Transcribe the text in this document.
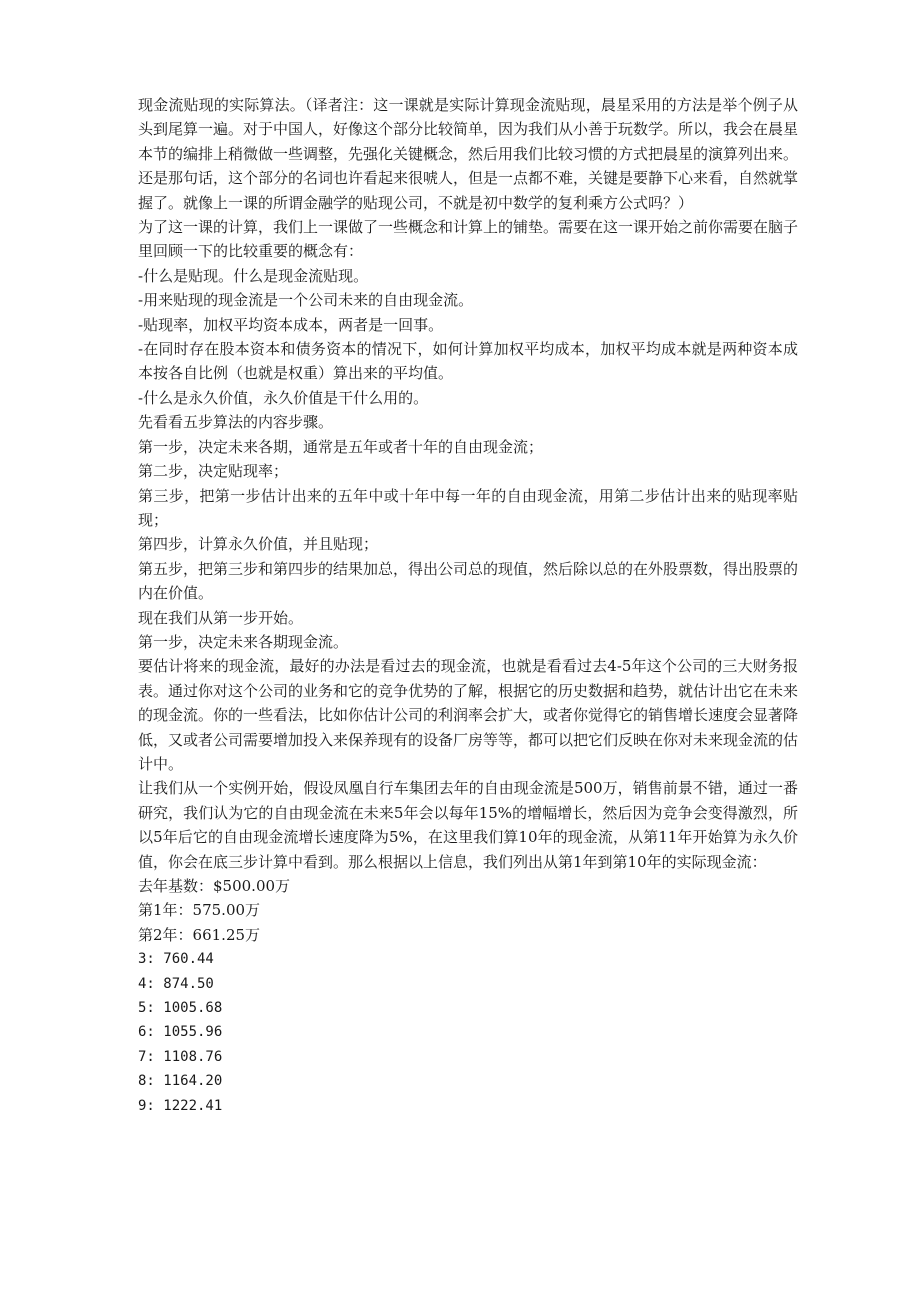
现金流贴现的实际算法。（译者注：这一课就是实际计算现金流贴现，晨星采用的方法是举个例子从头到尾算一遍。对于中国人，好像这个部分比较简单，因为我们从小善于玩数学。所以，我会在晨星本节的编排上稍微做一些调整，先强化关键概念，然后用我们比较习惯的方式把晨星的演算列出来。还是那句话，这个部分的名词也许看起来很唬人，但是一点都不难，关键是要静下心来看，自然就掌握了。就像上一课的所谓金融学的贴现公司，不就是初中数学的复利乘方公式吗？）

为了这一课的计算，我们上一课做了一些概念和计算上的铺垫。需要在这一课开始之前你需要在脑子里回顾一下的比较重要的概念有：

-什么是贴现。什么是现金流贴现。

-用来贴现的现金流是一个公司未来的自由现金流。

-贴现率，加权平均资本成本，两者是一回事。

-在同时存在股本资本和债务资本的情况下，如何计算加权平均成本，加权平均成本就是两种资本成本按各自比例（也就是权重）算出来的平均值。

-什么是永久价值，永久价值是干什么用的。

先看看五步算法的内容步骤。

第一步，决定未来各期，通常是五年或者十年的自由现金流；

第二步，决定贴现率；

第三步，把第一步估计出来的五年中或十年中每一年的自由现金流，用第二步估计出来的贴现率贴现；

第四步，计算永久价值，并且贴现；

第五步，把第三步和第四步的结果加总，得出公司总的现值，然后除以总的在外股票数，得出股票的内在价值。

现在我们从第一步开始。

第一步，决定未来各期现金流。

要估计将来的现金流，最好的办法是看过去的现金流，也就是看看过去4-5年这个公司的三大财务报表。通过你对这个公司的业务和它的竞争优势的了解，根据它的历史数据和趋势，就估计出它在未来的现金流。你的一些看法，比如你估计公司的利润率会扩大，或者你觉得它的销售增长速度会显著降低，又或者公司需要增加投入来保养现有的设备厂房等等，都可以把它们反映在你对未来现金流的估计中。

让我们从一个实例开始，假设凤凰自行车集团去年的自由现金流是500万，销售前景不错，通过一番研究，我们认为它的自由现金流在未来5年会以每年15%的增幅增长，然后因为竞争会变得激烈，所以5年后它的自由现金流增长速度降为5%，在这里我们算10年的现金流，从第11年开始算为永久价值，你会在底三步计算中看到。那么根据以上信息，我们列出从第1年到第10年的实际现金流：

去年基数：$500.00万
第1年：575.00万
第2年：661.25万
3: 760.44
4: 874.50
5: 1005.68
6: 1055.96
7: 1108.76
8: 1164.20
9: 1222.41
